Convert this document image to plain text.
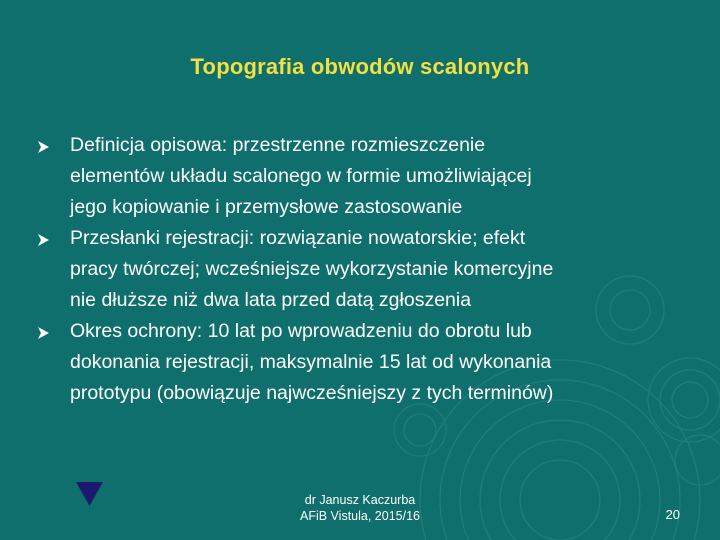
Topografia obwodów scalonych
Definicja opisowa: przestrzenne rozmieszczenie
elementów układu scalonego w formie umożliwiającej
jego kopiowanie i przemysłowe zastosowanie
Przesłanki rejestracji: rozwiązanie nowatorskie; efekt
pracy twórczej; wcześniejsze wykorzystanie komercyjne
nie dłuższe niż dwa lata przed datą zgłoszenia
Okres ochrony: 10 lat po wprowadzeniu do obrotu lub
dokonania rejestracji, maksymalnie 15 lat od wykonania
prototypu (obowiązuje najwcześniejszy z tych terminów)
dr Janusz Kaczurba
AFiB Vistula, 2015/16	20
